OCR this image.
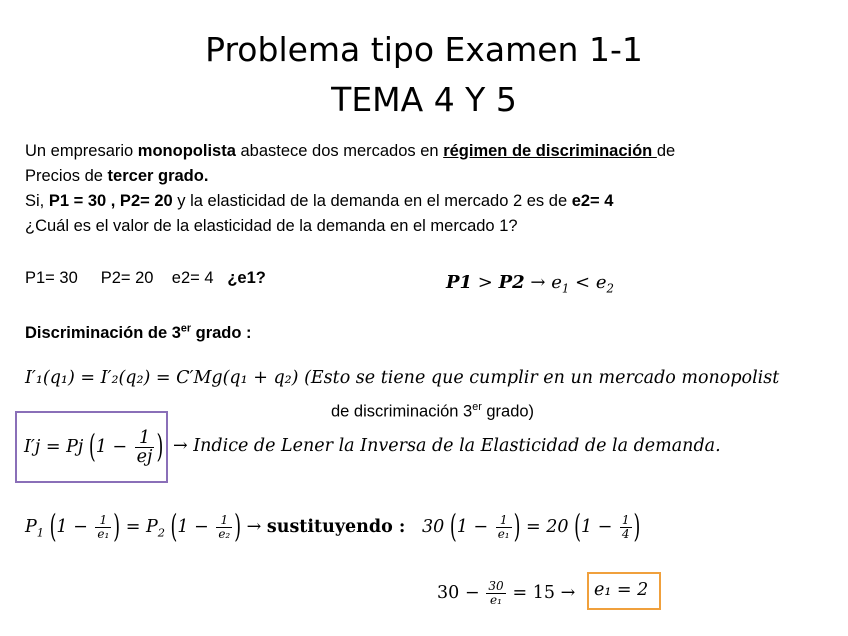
Problema tipo Examen 1-1
TEMA 4 Y 5
Un empresario monopolista abastece dos mercados en régimen de discriminación de
Precios de tercer grado.
Si, P1 = 30 , P2= 20 y la elasticidad de la demanda en el mercado 2 es de e2= 4
¿Cuál es el valor de la elasticidad de la demanda en el mercado 1?
P1= 30 P2= 20 e2= 4 ¿e1?	$P1 > P2 \to e_1 < e_2$
Discriminación de 3er grado :
I′₁(q₁) = I′₂(q₂) = C′Mg(q₁ + q₂) (Esto se tiene que cumplir en un mercado monopolist
de discriminación 3er grado)
I′j = Pj ($1 - \frac{1}{ej}$ ) → Indice de Lener la Inversa de la Elasticidad de la demanda.
$P_1$ ($1 - \frac{1}{\text{e₁}}$ ) = $P_2$ ($1 - \frac{1}{\text{e₂}}$ ) → sustituyendo : 30 ($1 - \frac{1}{\text{e₁}}$ ) = 20 ($1 - \frac{1}{4}$ )
$30 - \frac{30}{\text{e₁}} = 15 \to e_1 = 2$
